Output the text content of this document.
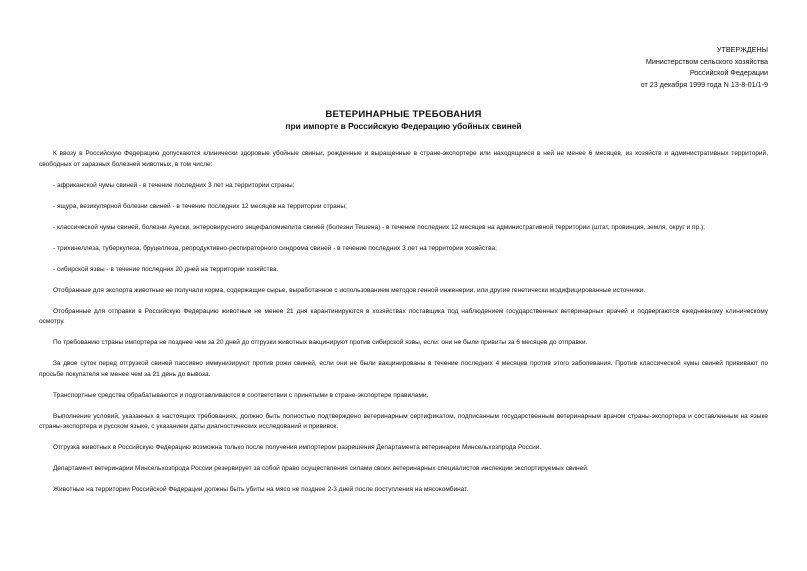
УТВЕРЖДЕНЫ
Министерством сельского хозяйства
Российской Федерации
от 23 декабря 1999 года N 13-8-01/1-9
ВЕТЕРИНАРНЫЕ ТРЕБОВАНИЯ
при импорте в Российскую Федерацию убойных свиней

К ввозу в Российскую Федерацию допускаются клинически здоровые убойные свиньи, рожденные и выращенные в стране-экспортере или находящиеся в ней не менее 6 месяцев, из хозяйств и административных территорий, свободных от заразных болезней животных, в том числе:

- африканской чумы свиней - в течение последних 3 лет на территории страны;

- ящура, везикулярной болезни свиней - в течение последних 12 месяцев на территории страны;

- классической чумы свиней, болезни Ауески, энтеровирусного энцефаломиелита свиней (болезни Тешена) - в течение последних 12 месяцев на административной территории (штат, провинция, земля, округ и пр.);

- трихинеллеза, туберкулеза, бруцеллеза, репродуктивно-респираторного синдрома свиней - в течение последних 3 лет на территории хозяйства;

- сибирской язвы - в течение последних 20 дней на территории хозяйства.

Отобранные для экспорта животные не получали корма, содержащие сырье, выработанное с использованием методов генной инженерии, или другие генетически модифицированные источники.

Отобранные для отправки в Российскую Федерацию животные не менее 21 дня карантинируются в хозяйствах поставщика под наблюдением государственных ветеринарных врачей и подвергаются ежедневному клиническому осмотру.

По требованию страны импортера не позднее чем за 20 дней до отгрузки животных вакцинируют против сибирской язвы, если: они не были привиты за 6 месяцев до отправки.

За двое суток перед отгрузкой свиней пассивно иммунизируют против рожи свиней, если они не были вакцинированы в течение последних 4 месяцев против этого заболевания. Против классической чумы свиней прививают по просьбе покупателя не менее чем за 21 день до вывоза.

Транспортные средства обрабатываются и подготавливаются в соответствии с принятыми в стране-экспортере правилами.

Выполнение условий, указанных в настоящих требованиях, должно быть полностью подтверждено ветеринарным сертификатом, подписанным государственным ветеринарным врачом страны-экспортера и составленным на языке страны-экспортера и русском языке, с указанием даты диагностических исследований и прививок.

Отгрузка животных в Российскую Федерацию возможна только после получения импортером разрешения Департамента ветеринарии Минсельхозпрода России.

Департамент ветеринарии Минсельхозпрода России резервирует за собой право осуществления силами своих ветеринарных специалистов инспекции экспортируемых свиней.

Животные на территории Российской Федерации должны быть убиты на мясо не позднее 2-3 дней после поступления на мясокомбинат.
